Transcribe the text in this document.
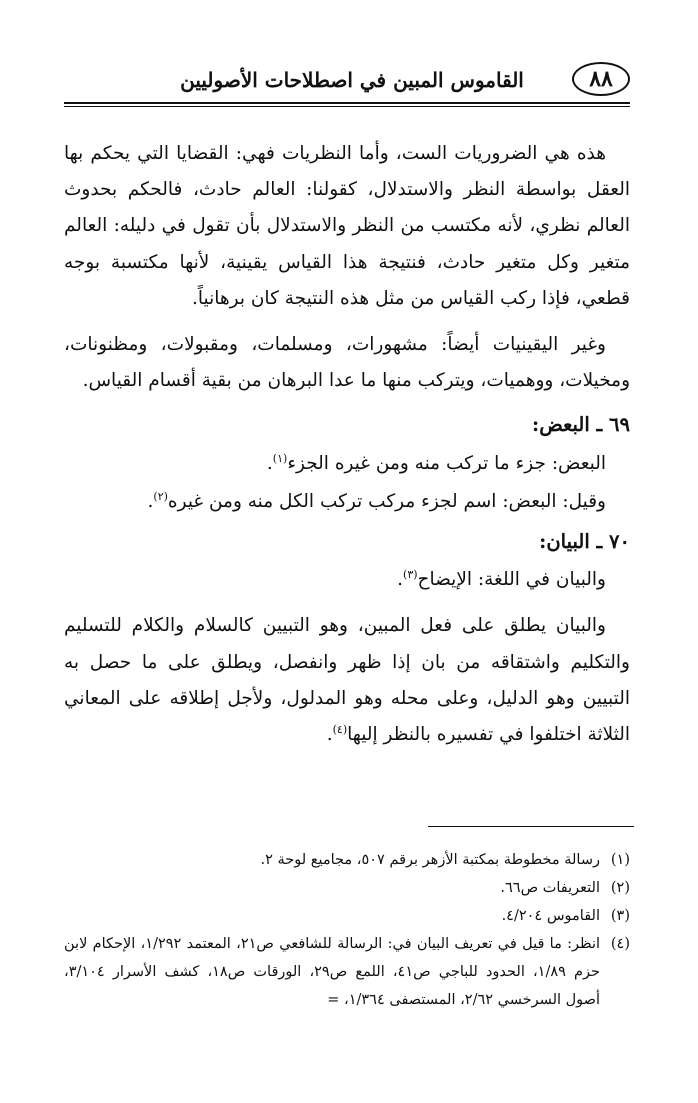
٨٨
القاموس المبين في اصطلاحات الأصوليين

هذه هي الضروريات الست، وأما النظريات فهي: القضايا التي يحكم بها العقل بواسطة النظر والاستدلال، كقولنا: العالم حادث، فالحكم بحدوث العالم نظري، لأنه مكتسب من النظر والاستدلال بأن تقول في دليله: العالم متغير وكل متغير حادث، فنتيجة هذا القياس يقينية، لأنها مكتسبة بوجه قطعي، فإذا ركب القياس من مثل هذه النتيجة كان برهانياً.

وغير اليقينيات أيضاً: مشهورات، ومسلمات، ومقبولات، ومظنونات، ومخيلات، ووهميات، ويتركب منها ما عدا البرهان من بقية أقسام القياس.

٦٩ ـ البعض:

البعض: جزء ما تركب منه ومن غيره الجزء$^{(١)}$.

وقيل: البعض: اسم لجزء مركب تركب الكل منه ومن غيره$^{(٢)}$.

٧٠ ـ البيان:

والبيان في اللغة: الإيضاح$^{(٣)}$.

والبيان يطلق على فعل المبين، وهو التبيين كالسلام والكلام للتسليم والتكليم واشتقاقه من بان إذا ظهر وانفصل، ويطلق على ما حصل به التبيين وهو الدليل، وعلى محله وهو المدلول، ولأجل إطلاقه على المعاني الثلاثة اختلفوا في تفسيره بالنظر إليها$^{(٤)}$.

(١)
رسالة مخطوطة بمكتبة الأزهر برقم ٥٠٧، مجاميع لوحة ٢.
(٢)
التعريفات ص٦٦.
(٣)
القاموس ٤/٢٠٤.
(٤)
انظر: ما قيل في تعريف البيان في: الرسالة للشافعي ص٢١، المعتمد ١/٢٩٢، الإحكام لابن حزم ١/٨٩، الحدود للباجي ص٤١، اللمع ص٢٩، الورقات ص١٨، كشف الأسرار ٣/١٠٤، أصول السرخسي ٢/٦٢، المستصفى ١/٣٦٤، =
